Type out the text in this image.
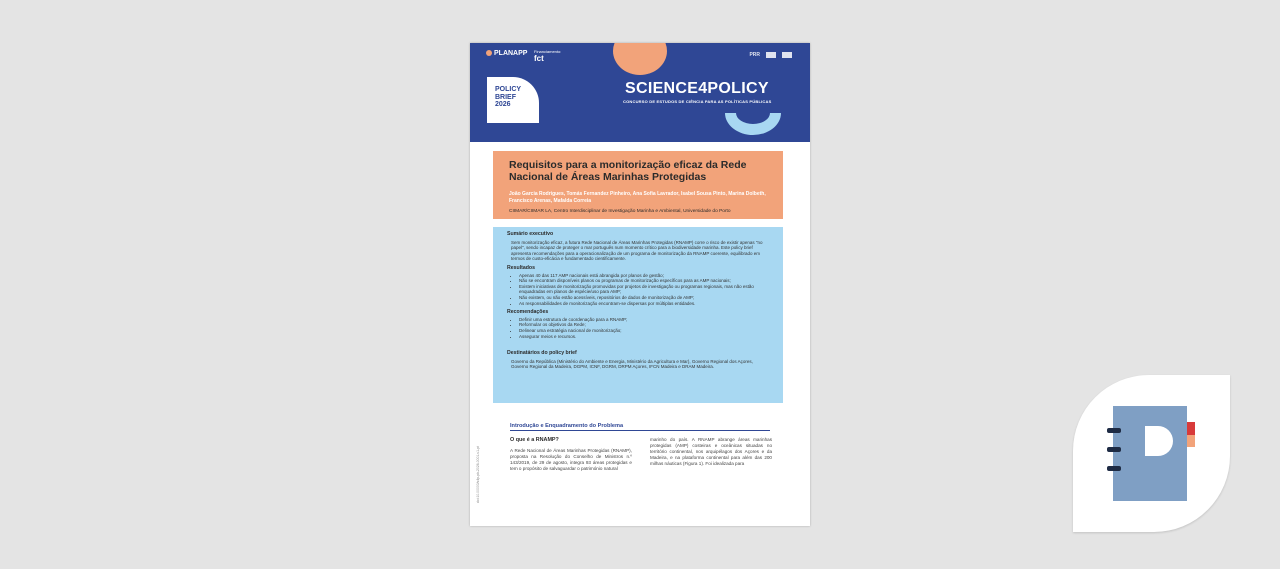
PLANAPP Financiamento:
fct	PRR
SCIENCE4POLICY
CONCURSO DE ESTUDOS DE CIÊNCIA PARA AS POLÍTICAS PÚBLICAS
POLICY
BRIEF
2026
Requisitos para a monitorização eficaz da Rede Nacional de Áreas Marinhas Protegidas
João Garcia Rodrigues, Tomás Fernandez Pinheiro, Ana Sofia Lavrador, Isabel Sousa Pinto, Marina Dolbeth, Francisco Arenas, Mafalda Correia
CIIMAR/CIIMAR LA, Centro Interdisciplinar de Investigação Marinha e Ambiental, Universidade do Porto
Sumário executivo

Sem monitorização eficaz, a futura Rede Nacional de Áreas Marinhas Protegidas (RNAMP) corre o risco de existir apenas "no papel", sendo incapaz de proteger o mar português num momento crítico para a biodiversidade marinha. Este policy brief apresenta recomendações para a operacionalização de um programa de monitorização da RNAMP coerente, equilibrado em termos de custo-eficácia e fundamentado cientificamente.

Resultados
• Apenas 40 das 117 AMP nacionais está abrangida por planos de gestão;
• Não se encontram disponíveis planos ou programas de monitorização específicos para as AMP nacionais;
• Existem iniciativas de monitorização promovidas por projetos de investigação ou programas regionais, mas não estão enquadradas em planos de espécie/uso para AMP;
• Não existem, ou não estão acessíveis, repositórios de dados de monitorização de AMP;
• As responsabilidades de monitorização encontram-se dispersas por múltiplas entidades.
Recomendações
• Definir uma estrutura de coordenação para a RNAMP;
• Reformular os objetivos da Rede;
• Delinear uma estratégia nacional de monitorização;
• Assegurar meios e recursos.
Destinatários do policy brief

Governo da República (Ministério do Ambiente e Energia, Ministério da Agricultura e Mar), Governo Regional dos Açores, Governo Regional da Madeira, DGPM, ICNF, DGRM, DRPM Açores, IFCN Madeira e DRAM Madeira.

doi:10.00000/s4p-pb-2026-0001-v1-pt
Introdução e Enquadramento do Problema
O que é a RNAMP?
A Rede Nacional de Áreas Marinhas Protegidas (RNAMP), proposta na Resolução do Conselho de Ministros n.º 143/2019, de 29 de agosto, integra 93 áreas protegidas e tem o propósito de salvaguardar o património natural
marinho do país. A RNAMP abrange áreas marinhas protegidas (AMP) costeiras e oceânicas situadas no território continental, nos arquipélagos dos Açores e da Madeira, e na plataforma continental para além das 200 milhas náuticas (Figura 1). Foi idealizada para
